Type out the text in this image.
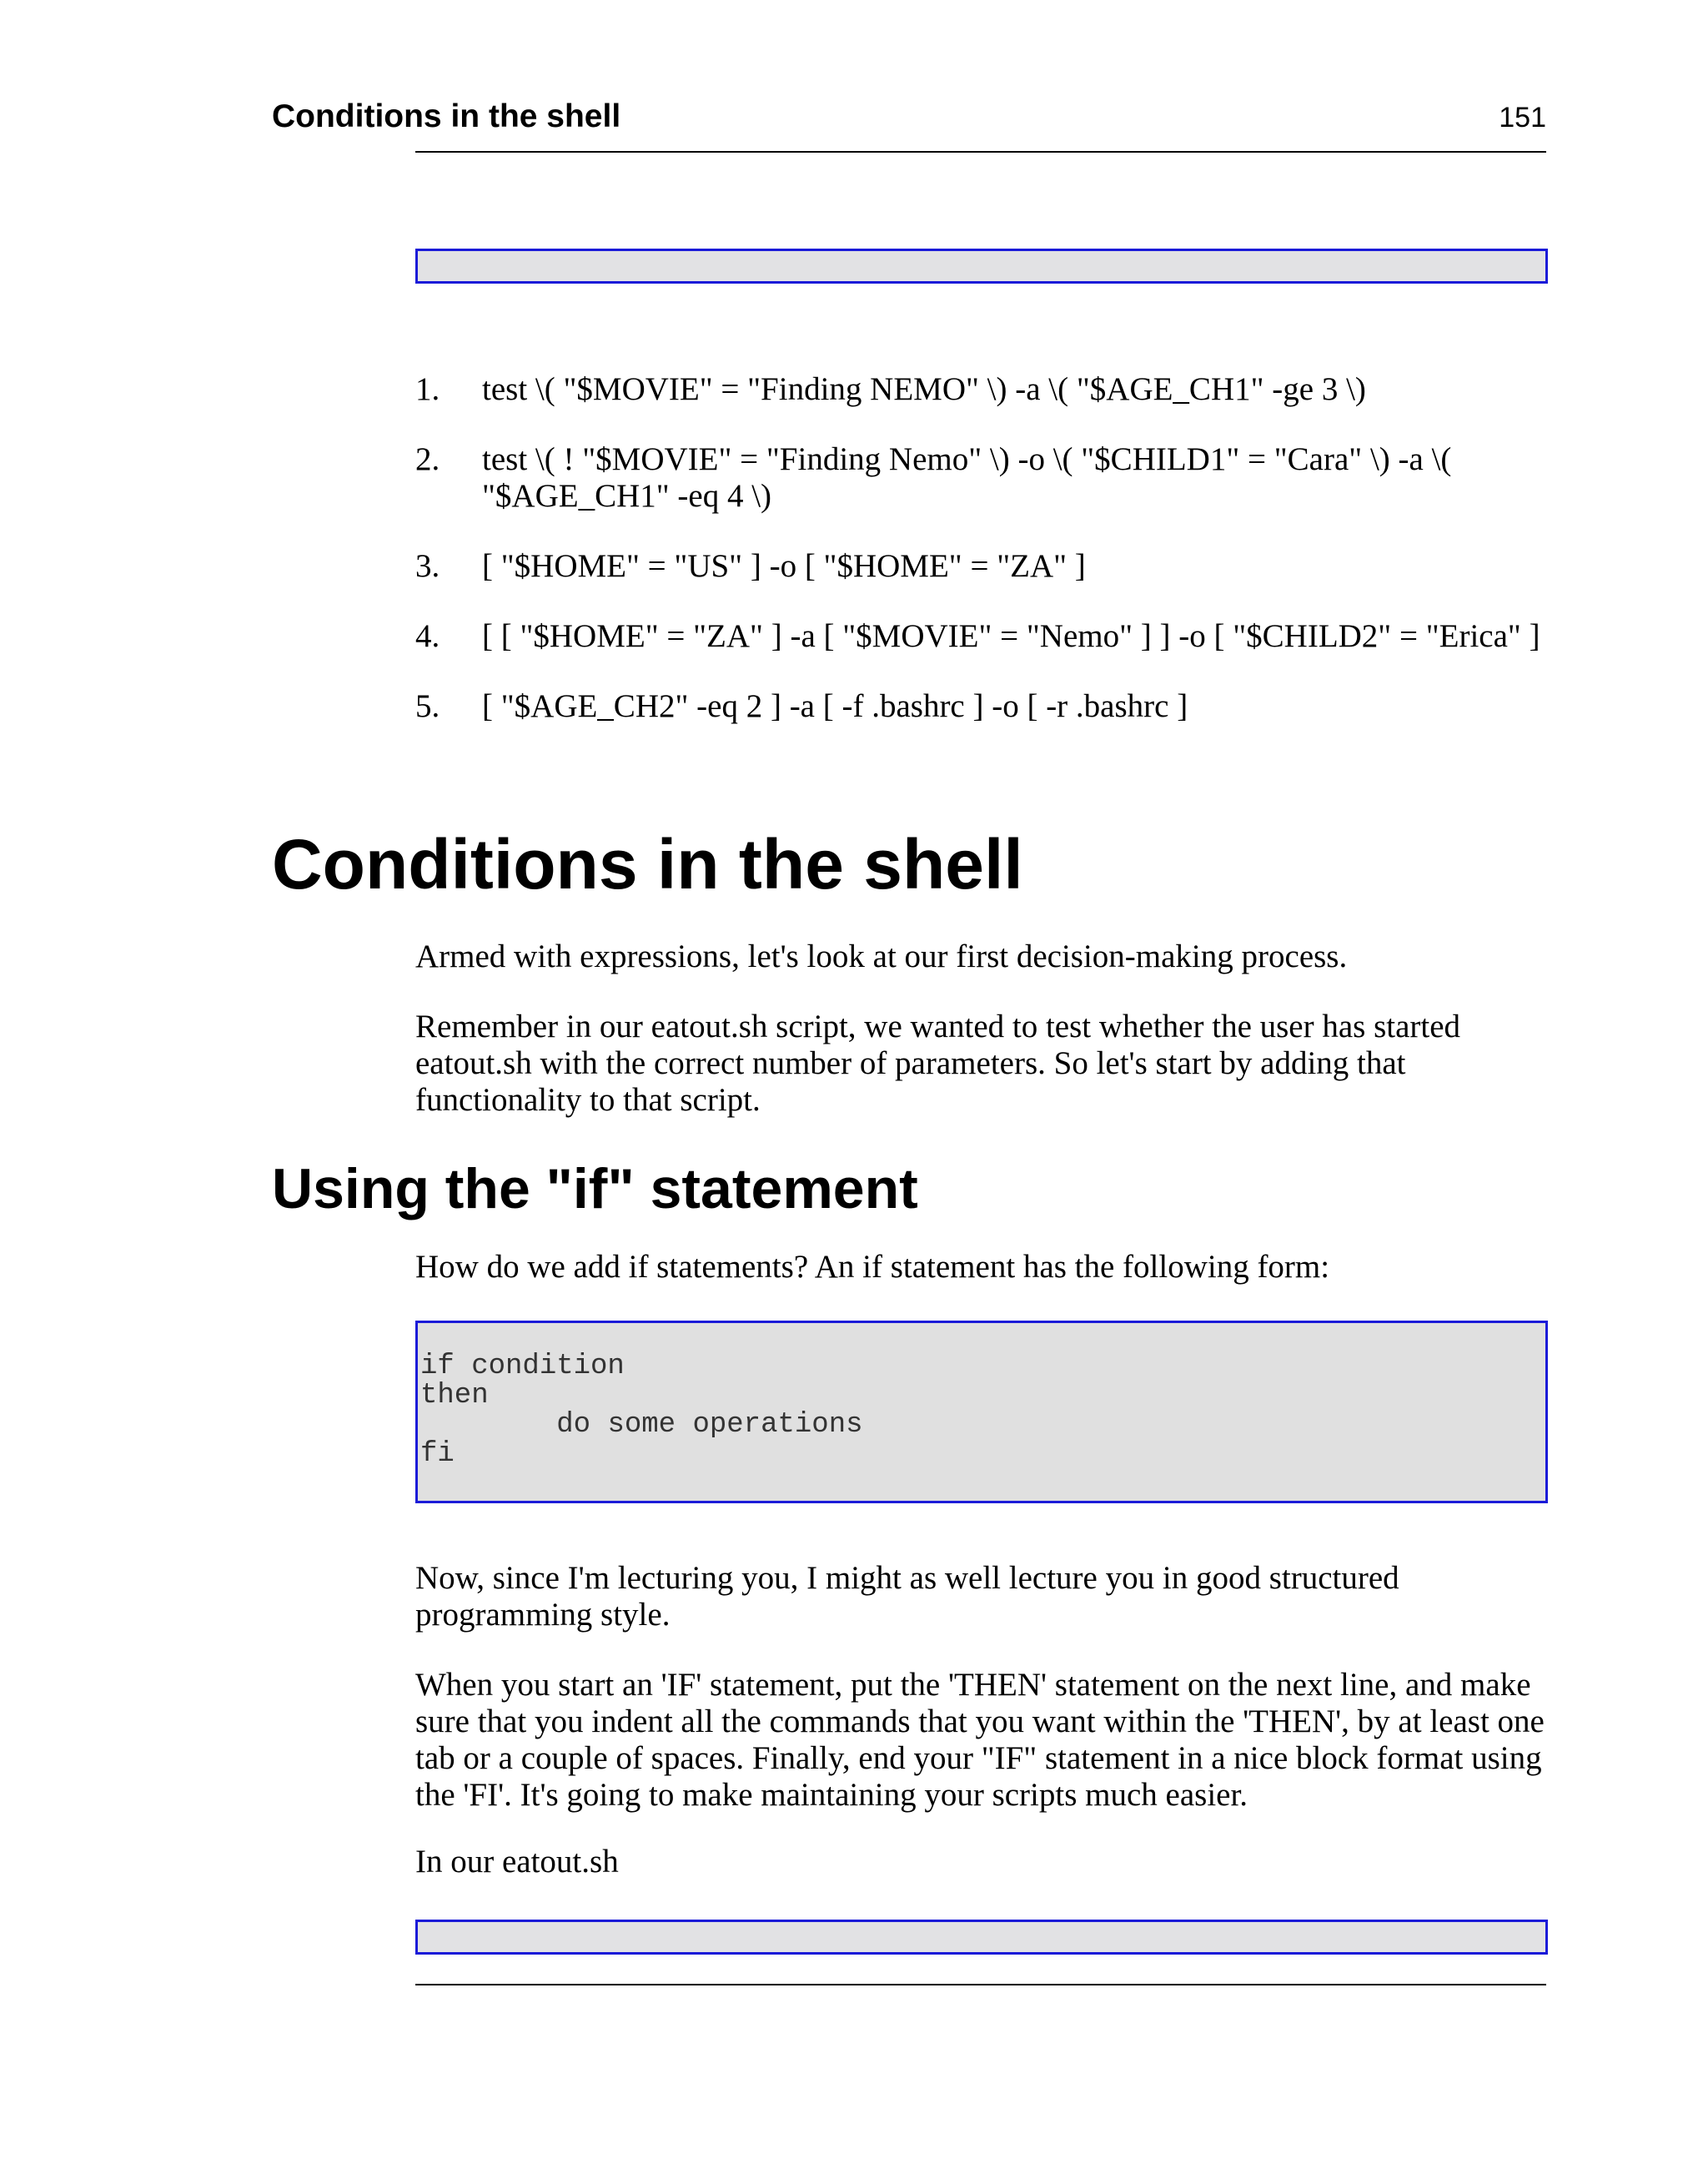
Conditions in the shell	151
1. test \( "$MOVIE" = "Finding NEMO" \) -a \( "$AGE_CH1" -ge 3 \)
2. test \( ! "$MOVIE" = "Finding Nemo" \) -o \( "$CHILD1" = "Cara" \) -a \( "$AGE_CH1" -eq 4 \)
3. [ "$HOME" = "US" ] -o [ "$HOME" = "ZA" ]
4. [ [ "$HOME" = "ZA" ] -a [ "$MOVIE" = "Nemo" ] ] -o [ "$CHILD2" = "Erica" ]
5. [ "$AGE_CH2" -eq 2 ] -a [ -f .bashrc ] -o [ -r .bashrc ]
Conditions in the shell

Armed with expressions, let's look at our first decision-making process.

Remember in our eatout.sh script, we wanted to test whether the user has started eatout.sh with the correct number of parameters. So let's start by adding that functionality to that script.

Using the "if" statement

How do we add if statements? An if statement has the following form:

if condition
then
	do some operations
fi

Now, since I'm lecturing you, I might as well lecture you in good structured programming style.

When you start an 'IF' statement, put the 'THEN' statement on the next line, and make sure that you indent all the commands that you want within the 'THEN', by at least one tab or a couple of spaces. Finally, end your "IF" statement in a nice block format using the 'FI'. It's going to make maintaining your scripts much easier.

In our eatout.sh
